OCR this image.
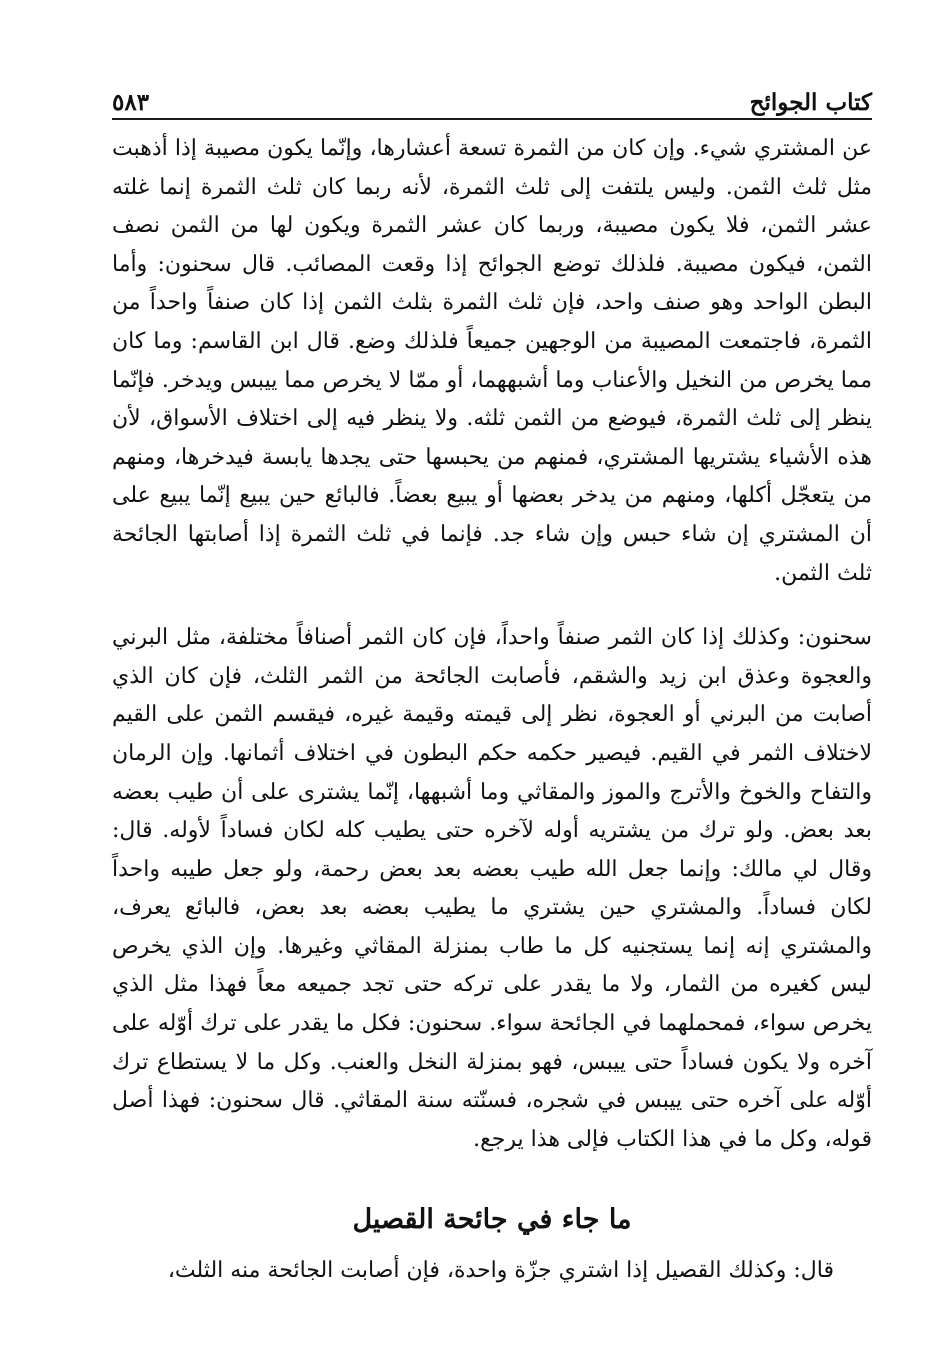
كتاب الجوائح
٥٨٣

عن المشتري شيء. وإن كان من الثمرة تسعة أعشارها، وإنّما يكون مصيبة إذا أذهبت مثل ثلث الثمن. وليس يلتفت إلى ثلث الثمرة، لأنه ربما كان ثلث الثمرة إنما غلته عشر الثمن، فلا يكون مصيبة، وربما كان عشر الثمرة ويكون لها من الثمن نصف الثمن، فيكون مصيبة. فلذلك توضع الجوائح إذا وقعت المصائب. قال سحنون: وأما البطن الواحد وهو صنف واحد، فإن ثلث الثمرة بثلث الثمن إذا كان صنفاً واحداً من الثمرة، فاجتمعت المصيبة من الوجهين جميعاً فلذلك وضع. قال ابن القاسم: وما كان مما يخرص من النخيل والأعناب وما أشبههما، أو ممّا لا يخرص مما ييبس ويدخر. فإنّما ينظر إلى ثلث الثمرة، فيوضع من الثمن ثلثه. ولا ينظر فيه إلى اختلاف الأسواق، لأن هذه الأشياء يشتريها المشتري، فمنهم من يحبسها حتى يجدها يابسة فيدخرها، ومنهم من يتعجّل أكلها، ومنهم من يدخر بعضها أو يبيع بعضاً. فالبائع حين يبيع إنّما يبيع على أن المشتري إن شاء حبس وإن شاء جد. فإنما في ثلث الثمرة إذا أصابتها الجائحة ثلث الثمن.

سحنون: وكذلك إذا كان الثمر صنفاً واحداً، فإن كان الثمر أصنافاً مختلفة، مثل البرني والعجوة وعذق ابن زيد والشقم، فأصابت الجائحة من الثمر الثلث، فإن كان الذي أصابت من البرني أو العجوة، نظر إلى قيمته وقيمة غيره، فيقسم الثمن على القيم لاختلاف الثمر في القيم. فيصير حكمه حكم البطون في اختلاف أثمانها. وإن الرمان والتفاح والخوخ والأترج والموز والمقاثي وما أشبهها، إنّما يشترى على أن طيب بعضه بعد بعض. ولو ترك من يشتريه أوله لآخره حتى يطيب كله لكان فساداً لأوله. قال: وقال لي مالك: وإنما جعل الله طيب بعضه بعد بعض رحمة، ولو جعل طيبه واحداً لكان فساداً. والمشتري حين يشتري ما يطيب بعضه بعد بعض، فالبائع يعرف، والمشتري إنه إنما يستجنيه كل ما طاب بمنزلة المقاثي وغيرها. وإن الذي يخرص ليس كغيره من الثمار، ولا ما يقدر على تركه حتى تجد جميعه معاً فهذا مثل الذي يخرص سواء، فمحملهما في الجائحة سواء. سحنون: فكل ما يقدر على ترك أوّله على آخره ولا يكون فساداً حتى ييبس، فهو بمنزلة النخل والعنب. وكل ما لا يستطاع ترك أوّله على آخره حتى ييبس في شجره، فسنّته سنة المقاثي. قال سحنون: فهذا أصل قوله، وكل ما في هذا الكتاب فإلى هذا يرجع.

ما جاء في جائحة القصيل
قال: وكذلك القصيل إذا اشتري جزّة واحدة، فإن أصابت الجائحة منه الثلث،
